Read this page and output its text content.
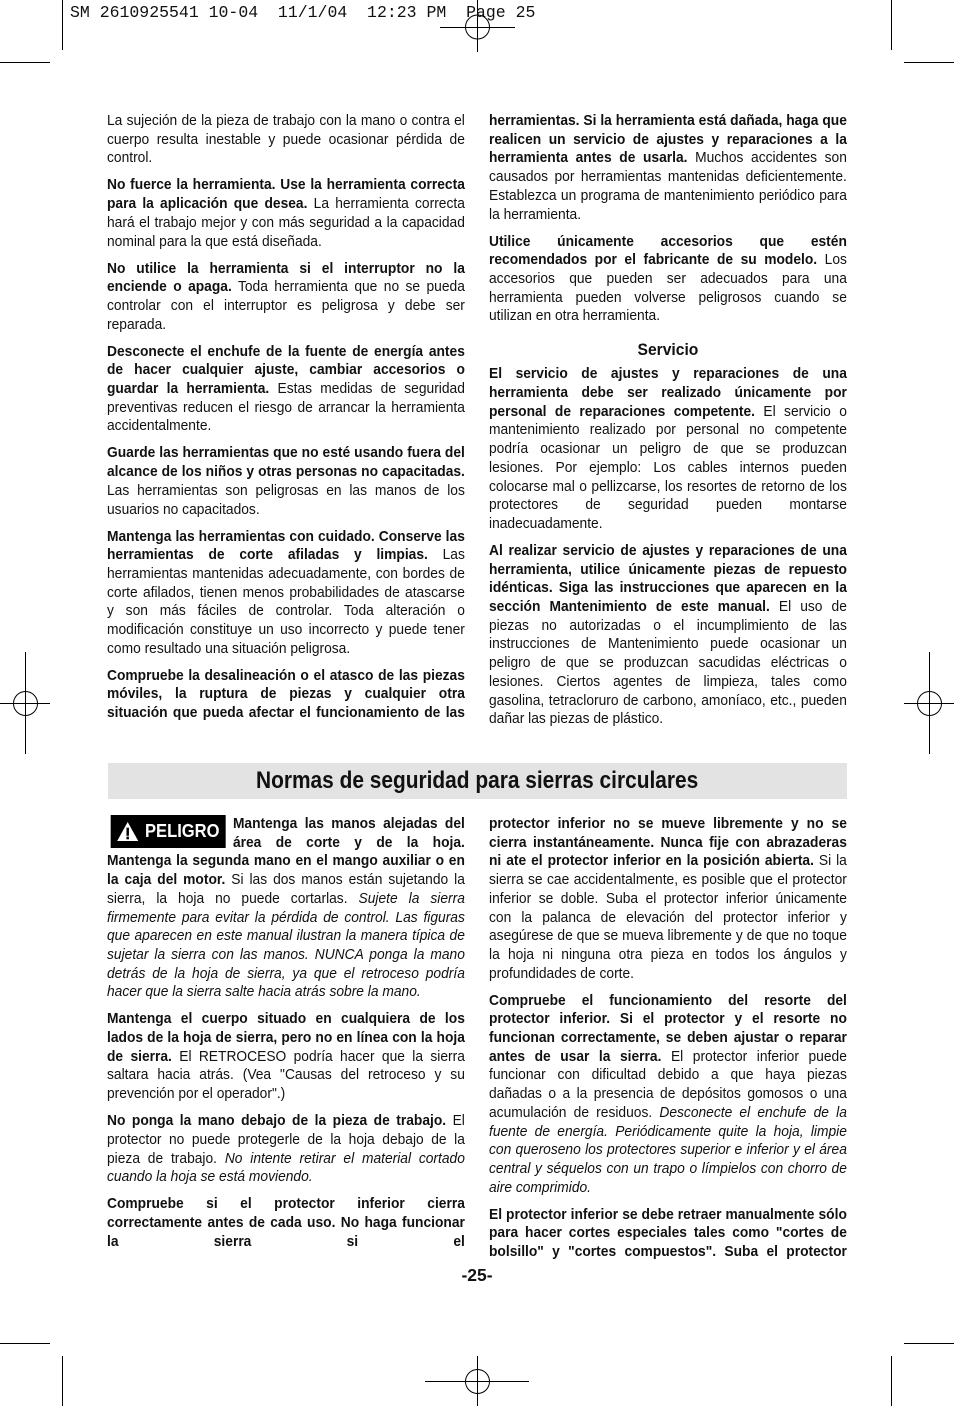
SM 2610925541 10-04  11/1/04  12:23 PM  Page 25

La sujeción de la pieza de trabajo con la mano o contra el cuerpo resulta inestable y puede ocasionar pérdida de control.

No fuerce la herramienta. Use la herramienta correcta para la aplicación que desea. La herramienta correcta hará el trabajo mejor y con más seguridad a la capacidad nominal para la que está diseñada.

No utilice la herramienta si el interruptor no la enciende o apaga. Toda herramienta que no se pueda controlar con el interruptor es peligrosa y debe ser reparada.

Desconecte el enchufe de la fuente de energía antes de hacer cualquier ajuste, cambiar accesorios o guardar la herramienta. Estas medidas de seguridad preventivas reducen el riesgo de arrancar la herramienta accidentalmente.

Guarde las herramientas que no esté usando fuera del alcance de los niños y otras personas no capacitadas. Las herramientas son peligrosas en las manos de los usuarios no capacitados.

Mantenga las herramientas con cuidado. Conserve las herramientas de corte afiladas y limpias. Las herramientas mantenidas adecuadamente, con bordes de corte afilados, tienen menos probabilidades de atascarse y son más fáciles de controlar. Toda alteración o modificación constituye un uso incorrecto y puede tener como resultado una situación peligrosa.

Compruebe la desalineación o el atasco de las piezas móviles, la ruptura de piezas y cualquier otra situación que pueda afectar el funcionamiento de las

herramientas. Si la herramienta está dañada, haga que realicen un servicio de ajustes y reparaciones a la herramienta antes de usarla. Muchos accidentes son causados por herramientas mantenidas deficientemente. Establezca un programa de mantenimiento periódico para la herramienta.

Utilice únicamente accesorios que estén recomendados por el fabricante de su modelo. Los accesorios que pueden ser adecuados para una herramienta pueden volverse peligrosos cuando se utilizan en otra herramienta.

Servicio

El servicio de ajustes y reparaciones de una herramienta debe ser realizado únicamente por personal de reparaciones competente. El servicio o mantenimiento realizado por personal no competente podría ocasionar un peligro de que se produzcan lesiones. Por ejemplo: Los cables internos pueden colocarse mal o pellizcarse, los resortes de retorno de los protectores de seguridad pueden montarse inadecuadamente.

Al realizar servicio de ajustes y reparaciones de una herramienta, utilice únicamente piezas de repuesto idénticas. Siga las instrucciones que aparecen en la sección Mantenimiento de este manual. El uso de piezas no autorizadas o el incumplimiento de las instrucciones de Mantenimiento puede ocasionar un peligro de que se produzcan sacudidas eléctricas o lesiones. Ciertos agentes de limpieza, tales como gasolina, tetracloruro de carbono, amoníaco, etc., pueden dañar las piezas de plástico.

Normas de seguridad para sierras circulares

PELIGRO Mantenga las manos alejadas del área de corte y de la hoja. Mantenga la segunda mano en el mango auxiliar o en la caja del motor. Si las dos manos están sujetando la sierra, la hoja no puede cortarlas. Sujete la sierra firmemente para evitar la pérdida de control. Las figuras que aparecen en este manual ilustran la manera típica de sujetar la sierra con las manos. NUNCA ponga la mano detrás de la hoja de sierra, ya que el retroceso podría hacer que la sierra salte hacia atrás sobre la mano.

Mantenga el cuerpo situado en cualquiera de los lados de la hoja de sierra, pero no en línea con la hoja de sierra. El RETROCESO podría hacer que la sierra saltara hacia atrás. (Vea "Causas del retroceso y su prevención por el operador".)

No ponga la mano debajo de la pieza de trabajo. El protector no puede protegerle de la hoja debajo de la pieza de trabajo. No intente retirar el material cortado cuando la hoja se está moviendo.

Compruebe si el protector inferior cierra correctamente antes de cada uso. No haga funcionar la sierra si el

protector inferior no se mueve libremente y no se cierra instantáneamente. Nunca fije con abrazaderas ni ate el protector inferior en la posición abierta. Si la sierra se cae accidentalmente, es posible que el protector inferior se doble. Suba el protector inferior únicamente con la palanca de elevación del protector inferior y asegúrese de que se mueva libremente y de que no toque la hoja ni ninguna otra pieza en todos los ángulos y profundidades de corte.

Compruebe el funcionamiento del resorte del protector inferior. Si el protector y el resorte no funcionan correctamente, se deben ajustar o reparar antes de usar la sierra. El protector inferior puede funcionar con dificultad debido a que haya piezas dañadas o a la presencia de depósitos gomosos o una acumulación de residuos. Desconecte el enchufe de la fuente de energía. Periódicamente quite la hoja, limpie con queroseno los protectores superior e inferior y el área central y séquelos con un trapo o límpielos con chorro de aire comprimido.

El protector inferior se debe retraer manualmente sólo para hacer cortes especiales tales como "cortes de bolsillo" y "cortes compuestos". Suba el protector

-25-
